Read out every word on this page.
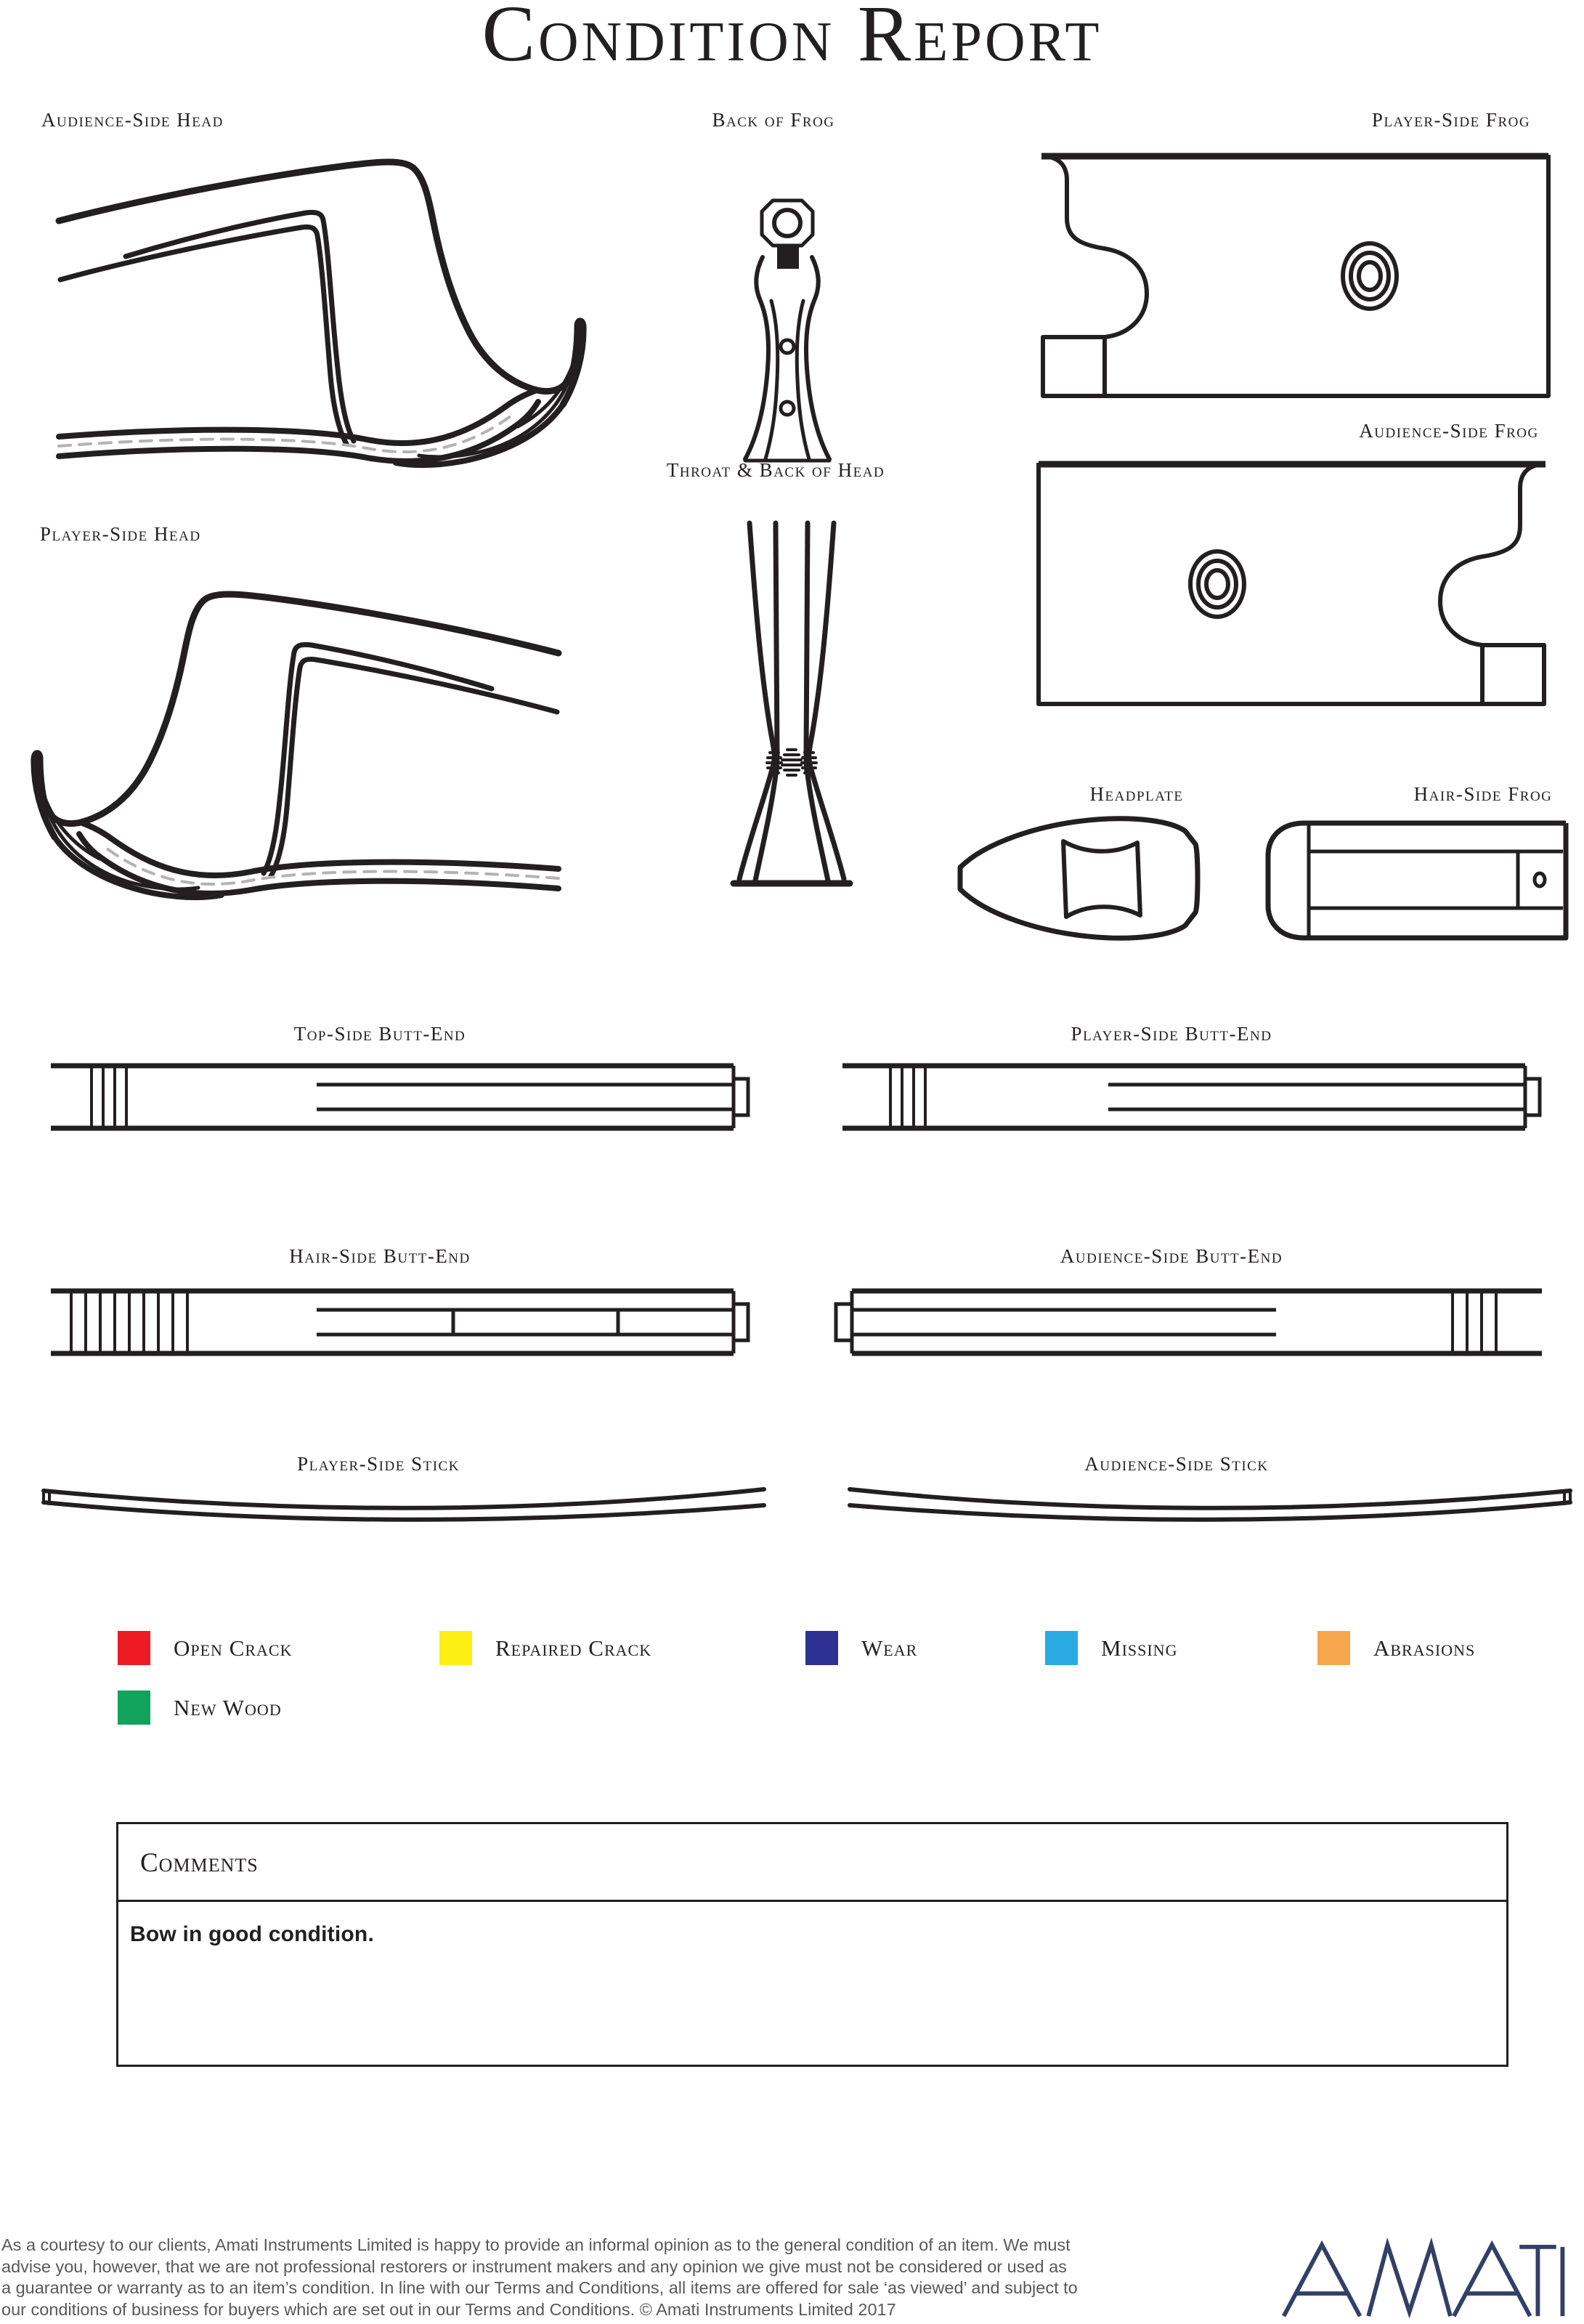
Condition Report
Audience-Side Head	Back of Frog	Player-Side Frog
Audience-Side Frog
Throat & Back of Head
Player-Side Head
Headplate	Hair-Side Frog
Top-Side Butt-End	Player-Side Butt-End
Hair-Side Butt-End	Audience-Side Butt-End
Player-Side Stick	Audience-Side Stick
Open Crack	Repaired Crack	Wear	Missing	Abrasions
New Wood
Comments
Bow in good condition.
As a courtesy to our clients, Amati Instruments Limited is happy to provide an informal opinion as to the general condition of an item. We must
advise you, however, that we are not professional restorers or instrument makers and any opinion we give must not be considered or used as
a guarantee or warranty as to an item’s condition. In line with our Terms and Conditions, all items are offered for sale ‘as viewed’ and subject to
our conditions of business for buyers which are set out in our Terms and Conditions. © Amati Instruments Limited 2017
